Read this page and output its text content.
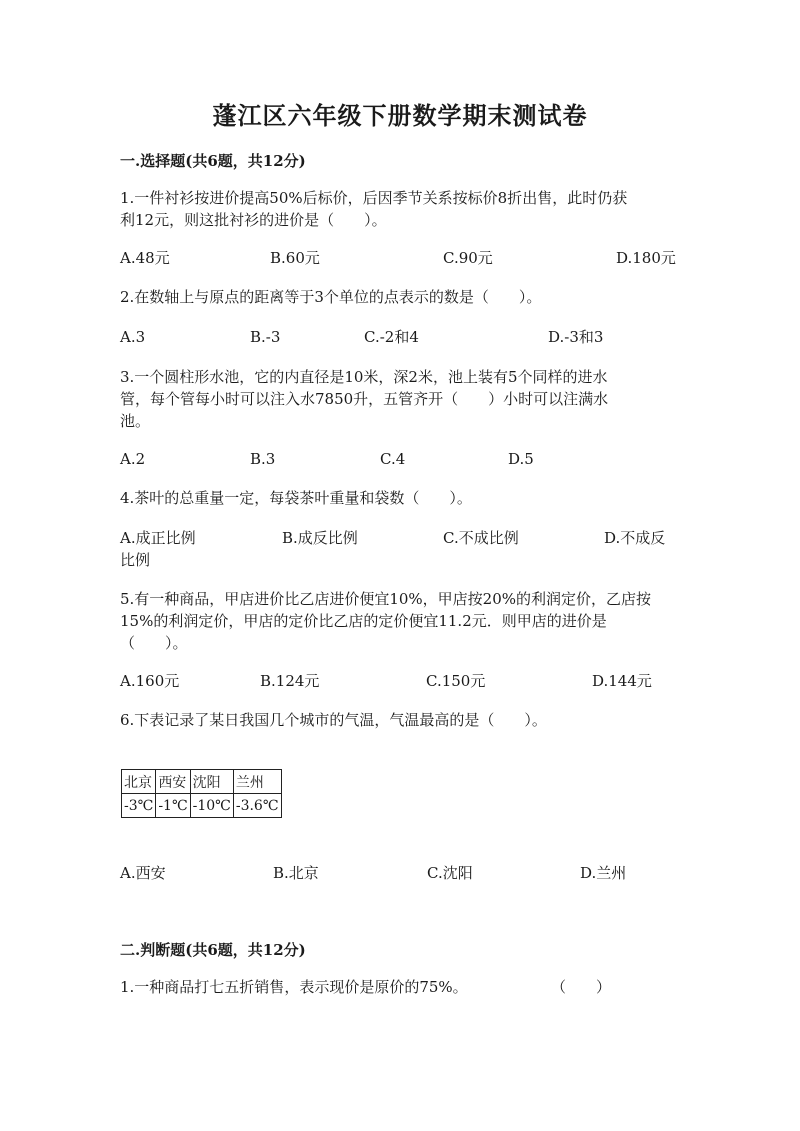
蓬江区六年级下册数学期末测试卷
一.选择题(共6题，共12分)
1.一件衬衫按进价提高50%后标价，后因季节关系按标价8折出售，此时仍获
利12元，则这批衬衫的进价是（　　）。
A.48元	B.60元	C.90元	D.180元
2.在数轴上与原点的距离等于3个单位的点表示的数是（　　）。
A.3	B.-3	C.-2和4	D.-3和3
3.一个圆柱形水池，它的内直径是10米，深2米，池上装有5个同样的进水
管，每个管每小时可以注入水7850升，五管齐开（　　）小时可以注满水
池。
A.2	B.3	C.4	D.5
4.茶叶的总重量一定，每袋茶叶重量和袋数（　　）。
A.成正比例	B.成反比例	C.不成比例	D.不成反
比例
5.有一种商品，甲店进价比乙店进价便宜10%，甲店按20%的利润定价，乙店按
15%的利润定价，甲店的定价比乙店的定价便宜11.2元．则甲店的进价是
（　　）。
A.160元	B.124元	C.150元	D.144元
6.下表记录了某日我国几个城市的气温，气温最高的是（　　）。
北京	西安	沈阳	兰州
-3℃	-1℃	-10℃	-3.6℃
A.西安	B.北京	C.沈阳	D.兰州
二.判断题(共6题，共12分)
1.一种商品打七五折销售，表示现价是原价的75%。	（　　）
